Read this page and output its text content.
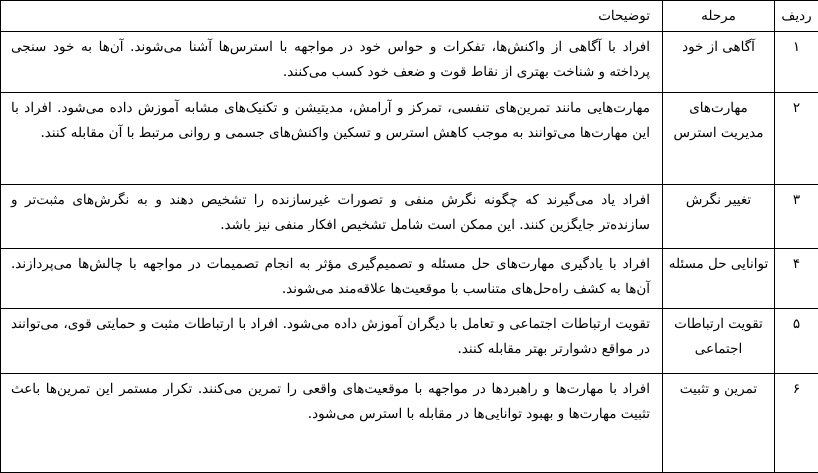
ردیف	مرحله	توضیحات
۱	آگاهی از خود	افراد با آگاهی از واکنش‌ها، تفکرات و حواس خود در مواجهه با استرس‌ها آشنا می‌شوند. آن‌ها به خود سنجی پرداخته و شناخت بهتری از نقاط قوت و ضعف خود کسب می‌کنند.
۲	مهارت‌های مدیریت استرس	مهارت‌هایی مانند تمرین‌های تنفسی، تمرکز و آرامش، مدیتیشن و تکنیک‌های مشابه آموزش داده می‌شود. افراد با این مهارت‌ها می‌توانند به موجب کاهش استرس و تسکین واکنش‌های جسمی و روانی مرتبط با آن مقابله کنند.
۳	تغییر نگرش	افراد یاد می‌گیرند که چگونه نگرش منفی و تصورات غیرسازنده را تشخیص دهند و به نگرش‌های مثبت‌تر و سازنده‌تر جایگزین کنند. این ممکن است شامل تشخیص افکار منفی نیز باشد.
۴	توانایی حل مسئله	افراد با یادگیری مهارت‌های حل مسئله و تصمیم‌گیری مؤثر به انجام تصمیمات در مواجهه با چالش‌ها می‌پردازند. آن‌ها به کشف راه‌حل‌های متناسب با موقعیت‌ها علاقه‌مند می‌شوند.
۵	تقویت ارتباطات اجتماعی	تقویت ارتباطات اجتماعی و تعامل با دیگران آموزش داده می‌شود. افراد با ارتباطات مثبت و حمایتی قوی، می‌توانند در مواقع دشوارتر بهتر مقابله کنند.
۶	تمرین و تثبیت	افراد با مهارت‌ها و راهبردها در مواجهه با موقعیت‌های واقعی را تمرین می‌کنند. تکرار مستمر این تمرین‌ها باعث تثبیت مهارت‌ها و بهبود توانایی‌ها در مقابله با استرس می‌شود.
